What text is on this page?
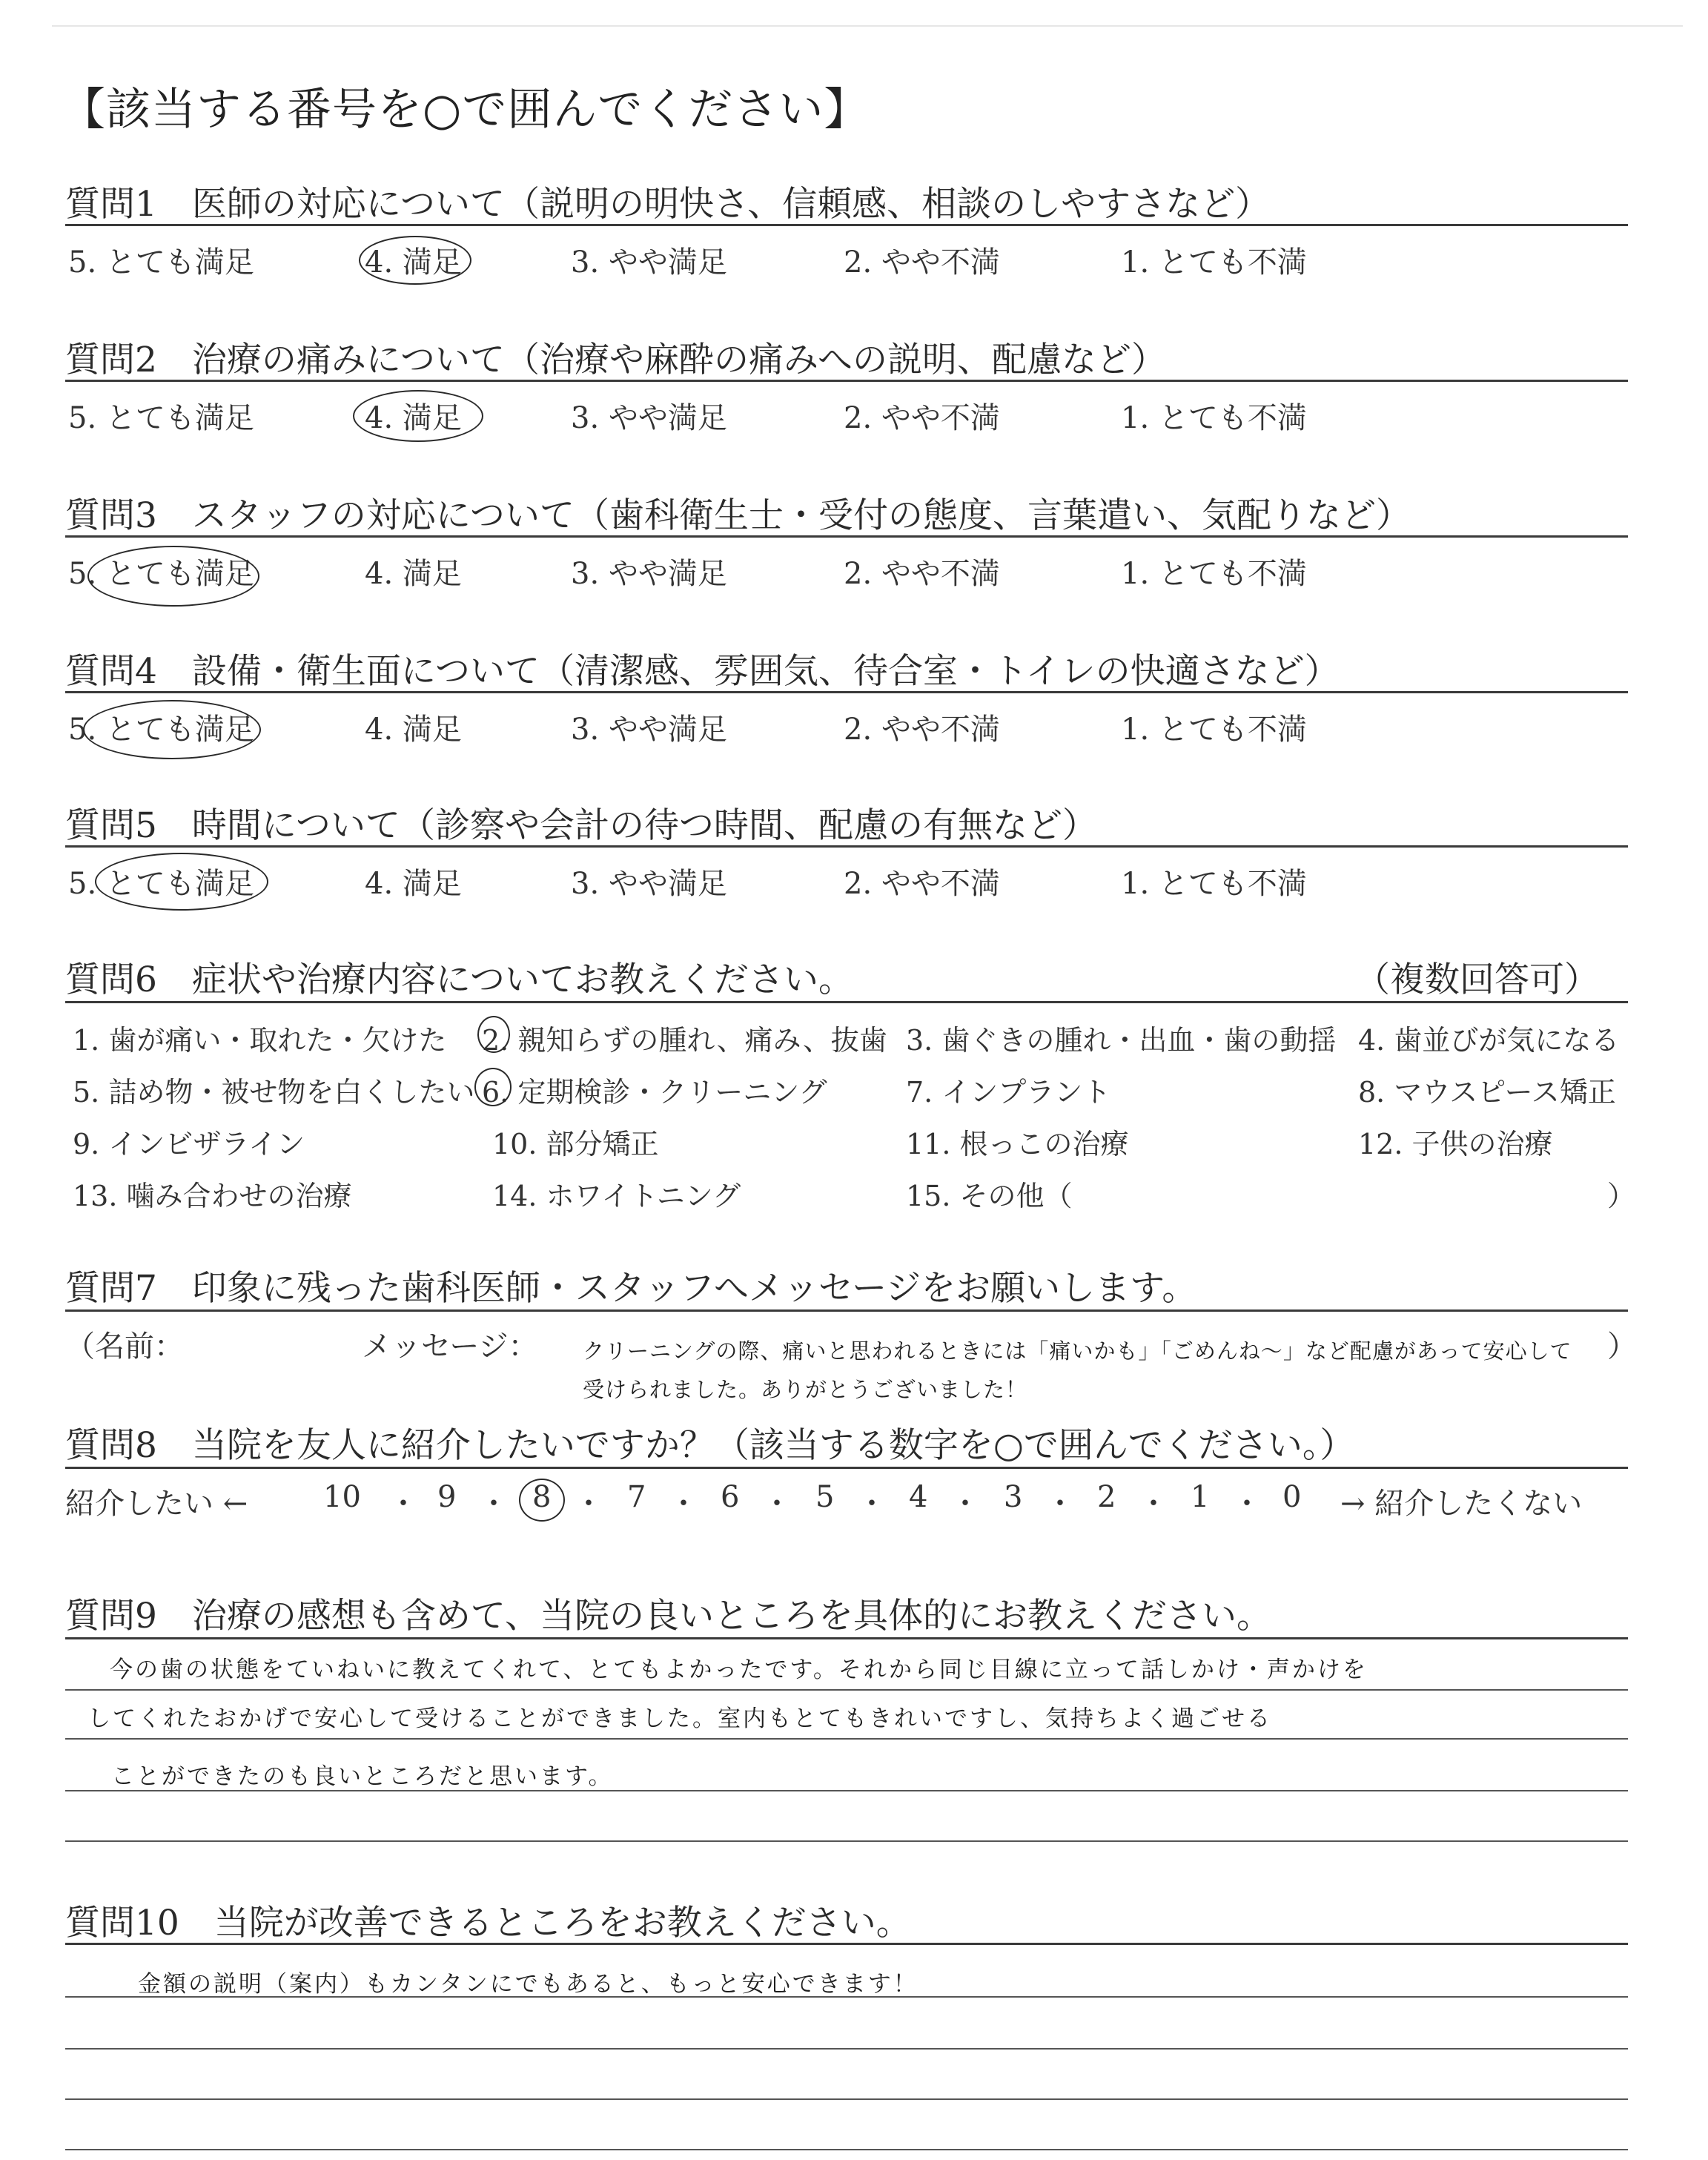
【該当する番号を○で囲んでください】
質問1　医師の対応について（説明の明快さ、信頼感、相談のしやすさなど）
5. とても満足	4. 満足	3. やや満足	2. やや不満	1. とても不満
質問2　治療の痛みについて（治療や麻酔の痛みへの説明、配慮など）
5. とても満足	4. 満足	3. やや満足	2. やや不満	1. とても不満
質問3　スタッフの対応について（歯科衛生士・受付の態度、言葉遣い、気配りなど）
5. とても満足	4. 満足	3. やや満足	2. やや不満	1. とても不満
質問4　設備・衛生面について（清潔感、雰囲気、待合室・トイレの快適さなど）
5. とても満足	4. 満足	3. やや満足	2. やや不満	1. とても不満
質問5　時間について（診察や会計の待つ時間、配慮の有無など）
5. とても満足	4. 満足	3. やや満足	2. やや不満	1. とても不満
質問6　症状や治療内容についてお教えください。	（複数回答可）
1. 歯が痛い・取れた・欠けた 2. 親知らずの腫れ、痛み、抜歯 3. 歯ぐきの腫れ・出血・歯の動揺 4. 歯並びが気になる
5. 詰め物・被せ物を白くしたい 6. 定期検診・クリーニング	7. インプラント	8. マウスピース矯正
9. インビザライン	10. 部分矯正	11. 根っこの治療	12. 子供の治療
13. 噛み合わせの治療	14. ホワイトニング	15. その他（	）
質問7　印象に残った歯科医師・スタッフへメッセージをお願いします。
（名前：	メッセージ：	）
クリーニングの際、痛いと思われるときには「痛いかも」「ごめんね〜」など配慮があって安心して
受けられました。ありがとうございました！
質問8　当院を友人に紹介したいですか？（該当する数字を○で囲んでください。）
紹介したい ←	→ 紹介したくない
10 ・ 9 ・ 8 ・ 7 ・ 6 ・ 5 ・ 4 ・ 3 ・ 2 ・ 1 ・ 0
質問9　治療の感想も含めて、当院の良いところを具体的にお教えください。
今の歯の状態をていねいに教えてくれて、とてもよかったです。それから同じ目線に立って話しかけ・声かけを
してくれたおかげで安心して受けることができました。室内もとてもきれいですし、気持ちよく過ごせる
ことができたのも良いところだと思います。
質問10　当院が改善できるところをお教えください。
金額の説明（案内）もカンタンにでもあると、もっと安心できます！
